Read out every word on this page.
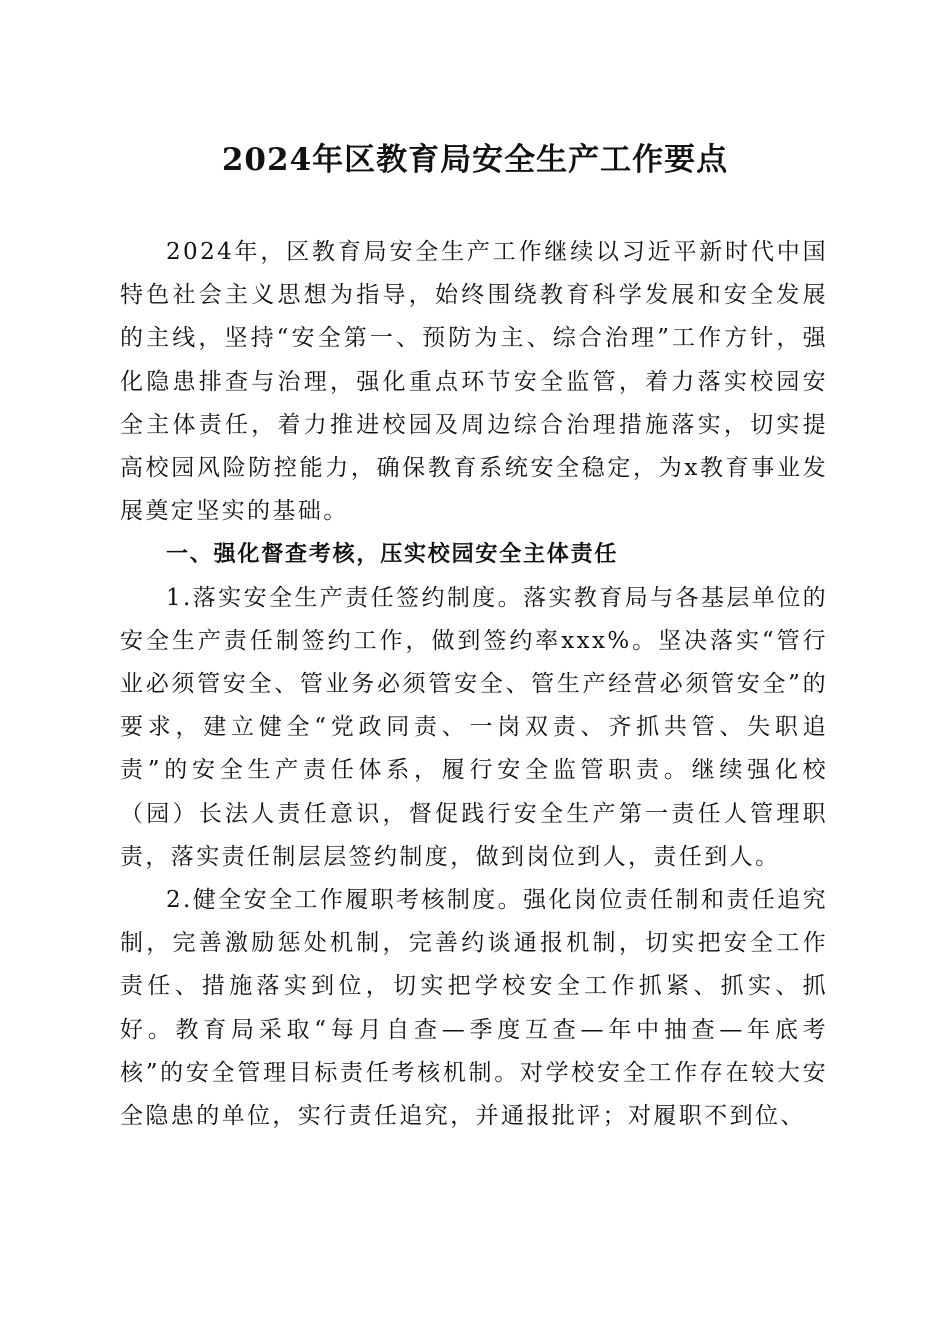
2024年区教育局安全生产工作要点

2024年，区教育局安全生产工作继续以习近平新时代中国特色社会主义思想为指导，始终围绕教育科学发展和安全发展的主线，坚持“安全第一、预防为主、综合治理”工作方针，强化隐患排查与治理，强化重点环节安全监管，着力落实校园安全主体责任，着力推进校园及周边综合治理措施落实，切实提高校园风险防控能力，确保教育系统安全稳定，为x教育事业发展奠定坚实的基础。

一、强化督查考核，压实校园安全主体责任

1.落实安全生产责任签约制度。落实教育局与各基层单位的安全生产责任制签约工作，做到签约率xxx%。坚决落实“管行业必须管安全、管业务必须管安全、管生产经营必须管安全”的要求，建立健全“党政同责、一岗双责、齐抓共管、失职追责”的安全生产责任体系，履行安全监管职责。继续强化校（园）长法人责任意识，督促践行安全生产第一责任人管理职责，落实责任制层层签约制度，做到岗位到人，责任到人。

2.健全安全工作履职考核制度。强化岗位责任制和责任追究制，完善激励惩处机制，完善约谈通报机制，切实把安全工作责任、措施落实到位，切实把学校安全工作抓紧、抓实、抓好。教育局采取“每月自查—季度互查—年中抽查—年底考核”的安全管理目标责任考核机制。对学校安全工作存在较大安全隐患的单位，实行责任追究，并通报批评；对履职不到位、
